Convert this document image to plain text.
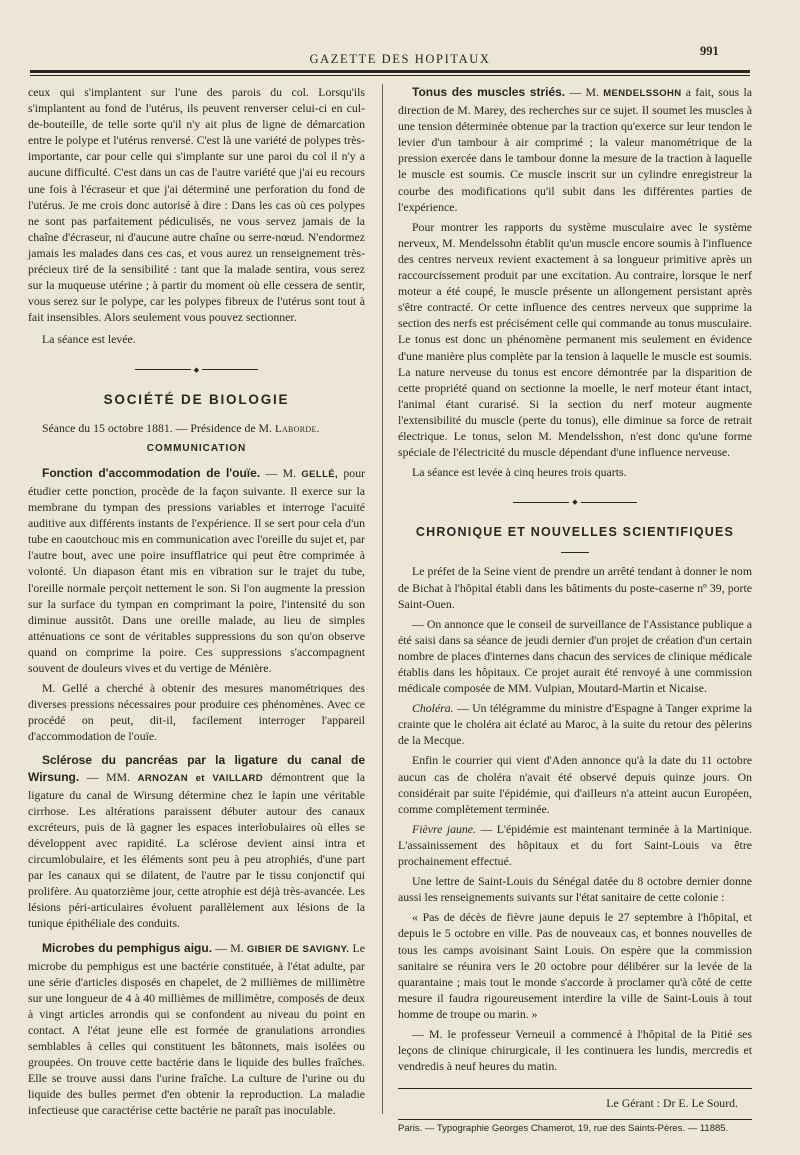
GAZETTE DES HOPITAUX
991

ceux qui s'implantent sur l'une des parois du col. Lorsqu'ils s'implantent au fond de l'utérus, ils peuvent renverser celui-ci en cul-de-bouteille, de telle sorte qu'il n'y ait plus de ligne de démarcation entre le polype et l'utérus renversé. C'est là une variété de polypes très-importante, car pour celle qui s'implante sur une paroi du col il n'y a aucune difficulté. C'est dans un cas de l'autre variété que j'ai eu recours une fois à l'écraseur et que j'ai déterminé une perforation du fond de l'utérus. Je me crois donc autorisé à dire : Dans les cas où ces polypes ne sont pas parfaitement pédiculisés, ne vous servez jamais de la chaîne d'écraseur, ni d'aucune autre chaîne ou serre-nœud. N'endormez jamais les malades dans ces cas, et vous aurez un renseignement très-précieux tiré de la sensibilité : tant que la malade sentira, vous serez sur la muqueuse utérine ; à partir du moment où elle cessera de sentir, vous serez sur le polype, car les polypes fibreux de l'utérus sont tout à fait insensibles. Alors seulement vous pouvez sectionner.

La séance est levée.

◆
SOCIÉTÉ DE BIOLOGIE

Séance du 15 octobre 1881. — Présidence de M. Laborde.

COMMUNICATION

Fonction d'accommodation de l'ouïe. — M. GELLÉ, pour étudier cette ponction, procède de la façon suivante. Il exerce sur la membrane du tympan des pressions variables et interroge l'acuité auditive aux différents instants de l'expérience. Il se sert pour cela d'un tube en caoutchouc mis en communication avec l'oreille du sujet et, par l'autre bout, avec une poire insufflatrice qui peut être comprimée à volonté. Un diapason étant mis en vibration sur le trajet du tube, l'oreille normale perçoit nettement le son. Si l'on augmente la pression sur la surface du tympan en comprimant la poire, l'intensité du son diminue aussitôt. Dans une oreille malade, au lieu de simples atténuations ce sont de véritables suppressions du son qu'on observe quand on comprime la poire. Ces suppressions s'accompagnent souvent de douleurs vives et du vertige de Ménière.

M. Gellé a cherché à obtenir des mesures manométriques des diverses pressions nécessaires pour produire ces phénomènes. Avec ce procédé on peut, dit-il, facilement interroger l'appareil d'accommodation de l'ouïe.

Sclérose du pancréas par la ligature du canal de Wirsung. — MM. ARNOZAN et VAILLARD démontrent que la ligature du canal de Wirsung détermine chez le lapin une véritable cirrhose. Les altérations paraissent débuter autour des canaux excréteurs, puis de là gagner les espaces interlobulaires où elles se développent avec rapidité. La sclérose devient ainsi intra et circumlobulaire, et les éléments sont peu à peu atrophiés, d'une part par les canaux qui se dilatent, de l'autre par le tissu conjonctif qui prolifère. Au quatorzième jour, cette atrophie est déjà très-avancée. Les lésions péri-articulaires évoluent parallèlement aux lésions de la tunique épithéliale des conduits.

Microbes du pemphigus aigu. — M. GIBIER DE SAVIGNY. Le microbe du pemphigus est une bactérie constituée, à l'état adulte, par une série d'articles disposés en chapelet, de 2 millièmes de millimètre sur une longueur de 4 à 40 millièmes de millimètre, composés de deux à vingt articles arrondis qui se confondent au niveau du point en contact. A l'état jeune elle est formée de granulations arrondies semblables à celles qui constituent les bâtonnets, mais isolées ou groupées. On trouve cette bactérie dans le liquide des bulles fraîches. Elle se trouve aussi dans l'urine fraîche. La culture de l'urine ou du liquide des bulles permet d'en obtenir la reproduction. La maladie infectieuse que caractérise cette bactérie ne paraît pas inoculable.

Tonus des muscles striés. — M. MENDELSSOHN a fait, sous la direction de M. Marey, des recherches sur ce sujet. Il soumet les muscles à une tension déterminée obtenue par la traction qu'exerce sur leur tendon le levier d'un tambour à air comprimé ; la valeur manométrique de la pression exercée dans le tambour donne la mesure de la traction à laquelle le muscle est soumis. Ce muscle inscrit sur un cylindre enregistreur la courbe des modifications qu'il subit dans les différentes parties de l'expérience.

Pour montrer les rapports du système musculaire avec le système nerveux, M. Mendelssohn établit qu'un muscle encore soumis à l'influence des centres nerveux revient exactement à sa longueur primitive après un raccourcissement produit par une excitation. Au contraire, lorsque le nerf moteur a été coupé, le muscle présente un allongement persistant après s'être contracté. Or cette influence des centres nerveux que supprime la section des nerfs est précisément celle qui commande au tonus musculaire. Le tonus est donc un phénomène permanent mis seulement en évidence d'une manière plus complète par la tension à laquelle le muscle est soumis. La nature nerveuse du tonus est encore démontrée par la disparition de cette propriété quand on sectionne la moelle, le nerf moteur étant intact, l'animal étant curarisé. Si la section du nerf moteur augmente l'extensibilité du muscle (perte du tonus), elle diminue sa force de retrait électrique. Le tonus, selon M. Mendelsshon, n'est donc qu'une forme spéciale de l'électricité du muscle dépendant d'une influence nerveuse.

La séance est levée à cinq heures trois quarts.

◆
CHRONIQUE ET NOUVELLES SCIENTIFIQUES

Le préfet de la Seine vient de prendre un arrêté tendant à donner le nom de Bichat à l'hôpital établi dans les bâtiments du poste-caserne nº 39, porte Saint-Ouen.

— On annonce que le conseil de surveillance de l'Assistance publique a été saisi dans sa séance de jeudi dernier d'un projet de création d'un certain nombre de places d'internes dans chacun des services de clinique médicale établis dans les hôpitaux. Ce projet aurait été renvoyé à une commission médicale composée de MM. Vulpian, Moutard-Martin et Nicaise.

Choléra. — Un télégramme du ministre d'Espagne à Tanger exprime la crainte que le choléra ait éclaté au Maroc, à la suite du retour des pèlerins de la Mecque.

Enfin le courrier qui vient d'Aden annonce qu'à la date du 11 octobre aucun cas de choléra n'avait été observé depuis quinze jours. On considérait par suite l'épidémie, qui d'ailleurs n'a atteint aucun Européen, comme complètement terminée.

Fièvre jaune. — L'épidémie est maintenant terminée à la Martinique. L'assainissement des hôpitaux et du fort Saint-Louis va être prochainement effectué.

Une lettre de Saint-Louis du Sénégal datée du 8 octobre dernier donne aussi les renseignements suivants sur l'état sanitaire de cette colonie :

« Pas de décès de fièvre jaune depuis le 27 septembre à l'hôpital, et depuis le 5 octobre en ville. Pas de nouveaux cas, et bonnes nouvelles de tous les camps avoisinant Saint Louis. On espère que la commission sanitaire se réunira vers le 20 octobre pour délibérer sur la levée de la quarantaine ; mais tout le monde s'accorde à proclamer qu'à côté de cette mesure il faudra rigoureusement interdire la ville de Saint-Louis à tout homme de troupe ou marin. »

— M. le professeur Verneuil a commencé à l'hôpital de la Pitié ses leçons de clinique chirurgicale, il les continuera les lundis, mercredis et vendredis à neuf heures du matin.

Le Gérant : Dr E. Le Sourd.
Paris. — Typographie Georges Chamerot, 19, rue des Saints-Pères. — 11885.
